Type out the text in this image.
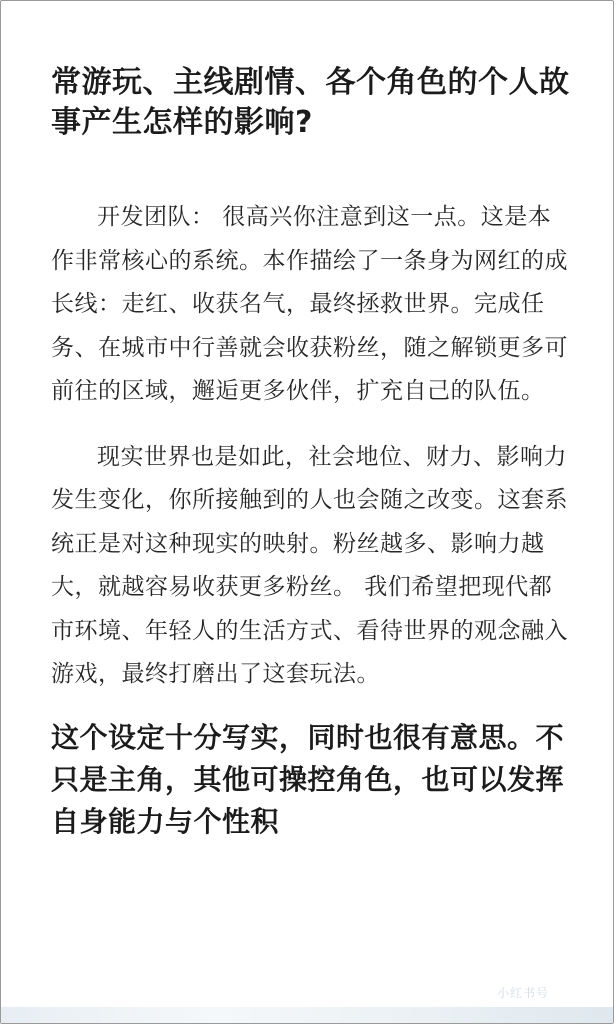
常游玩、主线剧情、各个角色的个人故事产生怎样的影响?

开发团队： 很高兴你注意到这一点。这是本作非常核心的系统。本作描绘了一条身为网红的成长线：走红、收获名气，最终拯救世界。完成任务、在城市中行善就会收获粉丝，随之解锁更多可前往的区域，邂逅更多伙伴，扩充自己的队伍。

现实世界也是如此，社会地位、财力、影响力发生变化，你所接触到的人也会随之改变。这套系统正是对这种现实的映射。粉丝越多、影响力越大，就越容易收获更多粉丝。 我们希望把现代都市环境、年轻人的生活方式、看待世界的观念融入游戏，最终打磨出了这套玩法。

这个设定十分写实，同时也很有意思。不只是主角，其他可操控角色，也可以发挥自身能力与个性积
小红书号
